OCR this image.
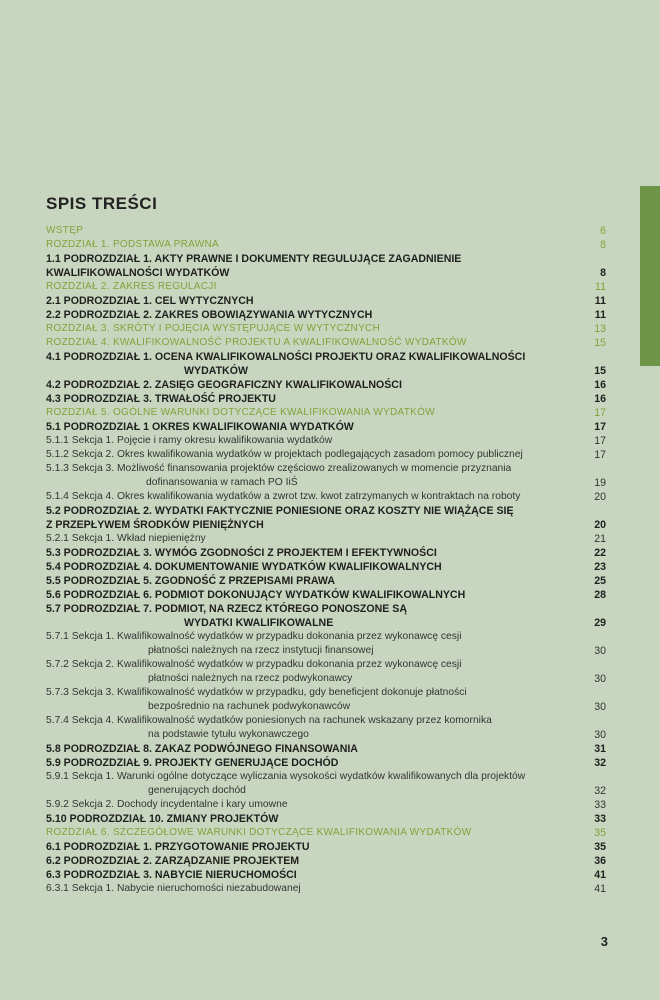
SPIS TREŚCI
WSTĘP	6
ROZDZIAŁ 1. PODSTAWA PRAWNA	8
1.1 PODROZDZIAŁ 1. AKTY PRAWNE I DOKUMENTY REGULUJĄCE ZAGADNIENIE
KWALIFIKOWALNOŚCI WYDATKÓW	8
ROZDZIAŁ 2. ZAKRES REGULACJI	11
2.1 PODROZDZIAŁ 1. CEL WYTYCZNYCH	11
2.2 PODROZDZIAŁ 2. ZAKRES OBOWIĄZYWANIA WYTYCZNYCH	11
ROZDZIAŁ 3. SKRÓTY I POJĘCIA WYSTĘPUJĄCE W WYTYCZNYCH	13
ROZDZIAŁ 4. KWALIFIKOWALNOŚĆ PROJEKTU A KWALIFIKOWALNOŚĆ WYDATKÓW	15
4.1 PODROZDZIAŁ 1. OCENA KWALIFIKOWALNOŚCI PROJEKTU ORAZ KWALIFIKOWALNOŚCI
WYDATKÓW	15
4.2 PODROZDZIAŁ 2. ZASIĘG GEOGRAFICZNY KWALIFIKOWALNOŚCI	16
4.3 PODROZDZIAŁ 3. TRWAŁOŚĆ PROJEKTU	16
ROZDZIAŁ 5. OGÓLNE WARUNKI DOTYCZĄCE KWALIFIKOWANIA WYDATKÓW	17
5.1 PODROZDZIAŁ 1 OKRES KWALIFIKOWANIA WYDATKÓW	17
5.1.1 Sekcja 1. Pojęcie i ramy okresu kwalifikowania wydatków	17
5.1.2 Sekcja 2. Okres kwalifikowania wydatków w projektach podlegających zasadom pomocy publicznej	17
5.1.3 Sekcja 3. Możliwość finansowania projektów częściowo zrealizowanych w momencie przyznania
dofinansowania w ramach PO IiŚ	19
5.1.4 Sekcja 4. Okres kwalifikowania wydatków a zwrot tzw. kwot zatrzymanych w kontraktach na roboty	20
5.2 PODROZDZIAŁ 2. WYDATKI FAKTYCZNIE PONIESIONE ORAZ KOSZTY NIE WIĄŻĄCE SIĘ
Z PRZEPŁYWEM ŚRODKÓW PIENIĘŻNYCH	20
5.2.1 Sekcja 1. Wkład niepieniężny	21
5.3 PODROZDZIAŁ 3. WYMÓG ZGODNOŚCI Z PROJEKTEM I EFEKTYWNOŚCI	22
5.4 PODROZDZIAŁ 4. DOKUMENTOWANIE WYDATKÓW KWALIFIKOWALNYCH	23
5.5 PODROZDZIAŁ 5. ZGODNOŚĆ Z PRZEPISAMI PRAWA	25
5.6 PODROZDZIAŁ 6. PODMIOT DOKONUJĄCY WYDATKÓW KWALIFIKOWALNYCH	28
5.7 PODROZDZIAŁ 7. PODMIOT, NA RZECZ KTÓREGO PONOSZONE SĄ
WYDATKI KWALIFIKOWALNE	29
5.7.1 Sekcja 1. Kwalifikowalność wydatków w przypadku dokonania przez wykonawcę cesji
płatności należnych na rzecz instytucji finansowej	30
5.7.2 Sekcja 2. Kwalifikowalność wydatków w przypadku dokonania przez wykonawcę cesji
płatności należnych na rzecz podwykonawcy	30
5.7.3 Sekcja 3. Kwalifikowalność wydatków w przypadku, gdy beneficjent dokonuje płatności
bezpośrednio na rachunek podwykonawców	30
5.7.4 Sekcja 4. Kwalifikowalność wydatków poniesionych na rachunek wskazany przez komornika
na podstawie tytułu wykonawczego	30
5.8 PODROZDZIAŁ 8. ZAKAZ PODWÓJNEGO FINANSOWANIA	31
5.9 PODROZDZIAŁ 9. PROJEKTY GENERUJĄCE DOCHÓD	32
5.9.1 Sekcja 1. Warunki ogólne dotyczące wyliczania wysokości wydatków kwalifikowanych dla projektów
generujących dochód	32
5.9.2 Sekcja 2. Dochody incydentalne i kary umowne	33
5.10 PODROZDZIAŁ 10. ZMIANY PROJEKTÓW	33
ROZDZIAŁ 6. SZCZEGÓŁOWE WARUNKI DOTYCZĄCE KWALIFIKOWANIA WYDATKÓW	35
6.1 PODROZDZIAŁ 1. PRZYGOTOWANIE PROJEKTU	35
6.2 PODROZDZIAŁ 2. ZARZĄDZANIE PROJEKTEM	36
6.3 PODROZDZIAŁ 3. NABYCIE NIERUCHOMOŚCI	41
6.3.1 Sekcja 1. Nabycie nieruchomości niezabudowanej	41
3
